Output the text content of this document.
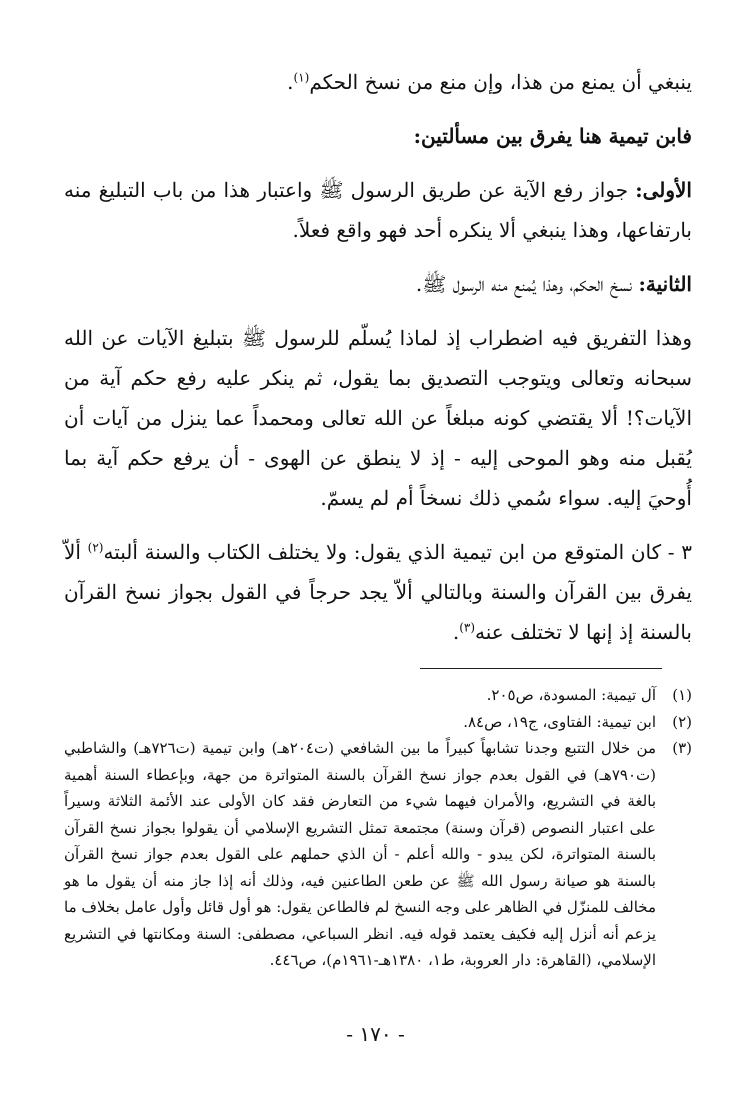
ينبغي أن يمنع من هذا، وإن منع من نسخ الحكم$^{(١)}$.

فابن تيمية هنا يفرق بين مسألتين:

الأولى: جواز رفع الآية عن طريق الرسول ﷺ واعتبار هذا من باب التبليغ منه بارتفاعها، وهذا ينبغي ألا ينكره أحد فهو واقع فعلاً.

الثانية: نسخ الحكم، وهذا يُمنع منه الرسول ﷺ.

وهذا التفريق فيه اضطراب إذ لماذا يُسلّم للرسول ﷺ بتبليغ الآيات عن الله سبحانه وتعالى ويتوجب التصديق بما يقول، ثم ينكر عليه رفع حكم آية من الآيات؟! ألا يقتضي كونه مبلغاً عن الله تعالى ومحمداً عما ينزل من آيات أن يُقبل منه وهو الموحى إليه - إذ لا ينطق عن الهوى - أن يرفع حكم آية بما أُوحيَ إليه. سواء سُمي ذلك نسخاً أم لم يسمّ.

٣ - كان المتوقع من ابن تيمية الذي يقول: ولا يختلف الكتاب والسنة ألبته$^{(٢)}$ ألاّ يفرق بين القرآن والسنة وبالتالي ألاّ يجد حرجاً في القول بجواز نسخ القرآن بالسنة إذ إنها لا تختلف عنه$^{(٣)}$.

(١)
آل تيمية: المسودة، ص٢٠٥.
(٢)
ابن تيمية: الفتاوى، ج١٩، ص٨٤.
(٣)
من خلال التتبع وجدنا تشابهاً كبيراً ما بين الشافعي (ت٢٠٤هـ) وابن تيمية (ت٧٢٦هـ) والشاطبي (ت٧٩٠هـ) في القول بعدم جواز نسخ القرآن بالسنة المتواترة من جهة، وبإعطاء السنة أهمية بالغة في التشريع، والأمران فيهما شيء من التعارض فقد كان الأولى عند الأئمة الثلاثة وسيراً على اعتبار النصوص (قرآن وسنة) مجتمعة تمثل التشريع الإسلامي أن يقولوا بجواز نسخ القرآن بالسنة المتواترة، لكن يبدو - والله أعلم - أن الذي حملهم على القول بعدم جواز نسخ القرآن بالسنة هو صيانة رسول الله ﷺ عن طعن الطاعنين فيه، وذلك أنه إذا جاز منه أن يقول ما هو مخالف للمنزّل في الظاهر على وجه النسخ لم فالطاعن يقول: هو أول قائل وأول عامل بخلاف ما يزعم أنه أنزل إليه فكيف يعتمد قوله فيه. انظر السباعي، مصطفى: السنة ومكانتها في التشريع الإسلامي، (القاهرة: دار العروبة، ط١، ١٣٨٠هـ-١٩٦١م)، ص٤٤٦.
- ١٧٠ -
